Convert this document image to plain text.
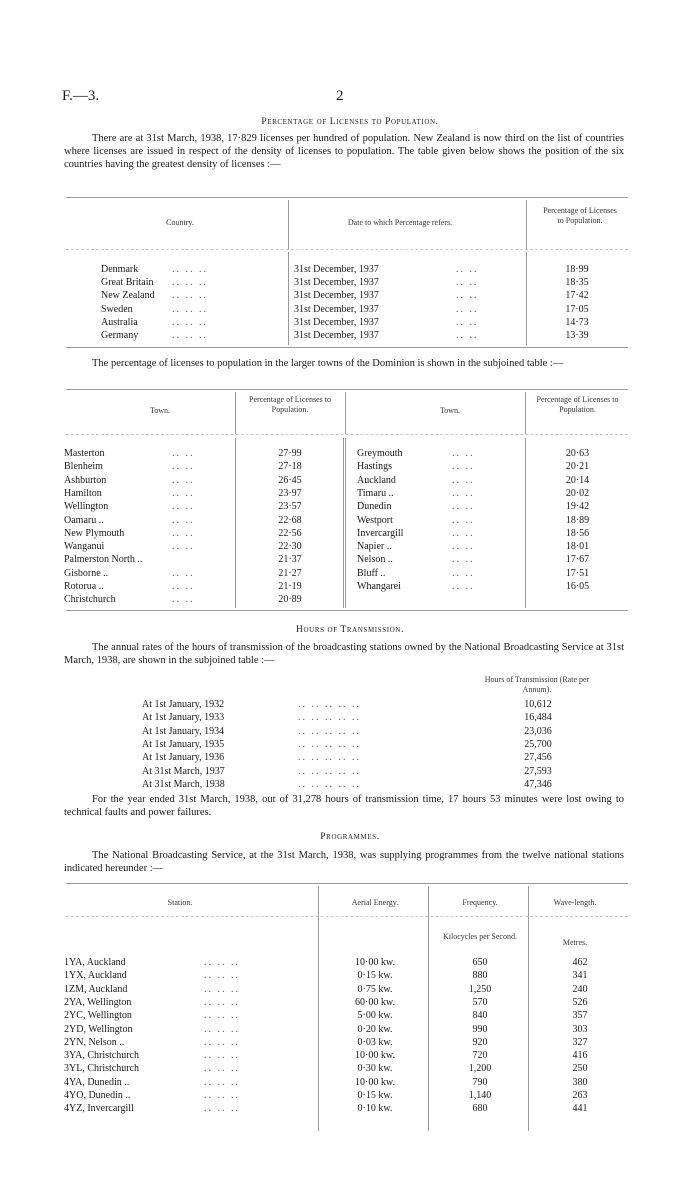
F.—3.	2
Percentage of Licenses to Population.
There are at 31st March, 1938, 17·829 licenses per hundred of population. New Zealand is now third on the list of countries where licenses are issued in respect of the density of licenses to population. The table given below shows the position of the six countries having the greatest density of licenses :—
Country.	Date to which Percentage refers.
Percentage of Licenses to Population.
Denmark	.. .. ..	31st December, 1937	.. ..	18·99
Great Britain .. .. ..	31st December, 1937	.. ..	18·35
New Zealand .. .. ..	31st December, 1937	.. ..	17·42
Sweden	.. .. ..	31st December, 1937	.. ..	17·05
Australia	.. .. ..	31st December, 1937	.. ..	14·73
Germany	.. .. ..	31st December, 1937	.. ..	13·39
The percentage of licenses to population in the larger towns of the Dominion is shown in the subjoined table :—
Town.
Percentage of Licenses to Population.	Town.
Percentage of Licenses to Population.
Masterton	.. ..	27·99
Blenheim	.. ..	27·18
Ashburton	.. ..	26·45
Hamilton	.. ..	23·97
Wellington	.. ..	23·57
Oamaru ..	.. ..	22·68
New Plymouth	.. ..	22·56
Wanganui	.. ..	22·30
Palmerston North ..	21·37
Gisborne ..	.. ..	21·27
Rotorua ..	.. ..	21·19
Christchurch	.. ..	20·89
Greymouth	.. ..	20·63
Hastings	.. ..	20·21
Auckland	.. ..	20·14
Timaru ..	.. ..	20·02
Dunedin	.. ..	19·42
Westport	.. ..	18·89
Invercargill	.. ..	18·56
Napier ..	.. ..	18·01
Nelson ..	.. ..	17·67
Bluff ..	.. ..	17·51
Whangarei	.. ..	16·05
Hours of Transmission.
The annual rates of the hours of transmission of the broadcasting stations owned by the National Broadcasting Service at 31st March, 1938, are shown in the subjoined table :—
Hours of Transmission (Rate per Annum).
At 1st January, 1932	.. .. .. .. ..	10,612
At 1st January, 1933	.. .. .. .. ..	16,484
At 1st January, 1934	.. .. .. .. ..	23,036
At 1st January, 1935	.. .. .. .. ..	25,700
At 1st January, 1936	.. .. .. .. ..	27,456
At 31st March, 1937	.. .. .. .. ..	27,593
At 31st March, 1938	.. .. .. .. ..	47,346
For the year ended 31st March, 1938, out of 31,278 hours of transmission time, 17 hours 53 minutes were lost owing to technical faults and power failures.
Programmes.
The National Broadcasting Service, at the 31st March, 1938, was supplying programmes from the twelve national stations indicated hereunder :—
Station.	Aerial Energy.	Frequency.	Wave-length.
Kilocycles per Second.
Metres.
1YA, Auckland	.. .. ..	10·00 kw.	650	462
1YX, Auckland	.. .. ..	0·15 kw.	880	341
1ZM, Auckland	.. .. ..	0·75 kw.	1,250	240
2YA, Wellington	.. .. ..	60·00 kw.	570	526
2YC, Wellington	.. .. ..	5·00 kw.	840	357
2YD, Wellington	.. .. ..	0·20 kw.	990	303
2YN, Nelson ..	.. .. ..	0·03 kw.	920	327
3YA, Christchurch	.. .. ..	10·00 kw.	720	416
3YL, Christchurch	.. .. ..	0·30 kw.	1,200	250
4YA, Dunedin ..	.. .. ..	10·00 kw.	790	380
4YO, Dunedin ..	.. .. ..	0·15 kw.	1,140	263
4YZ, Invercargill	.. .. ..	0·10 kw.	680	441
